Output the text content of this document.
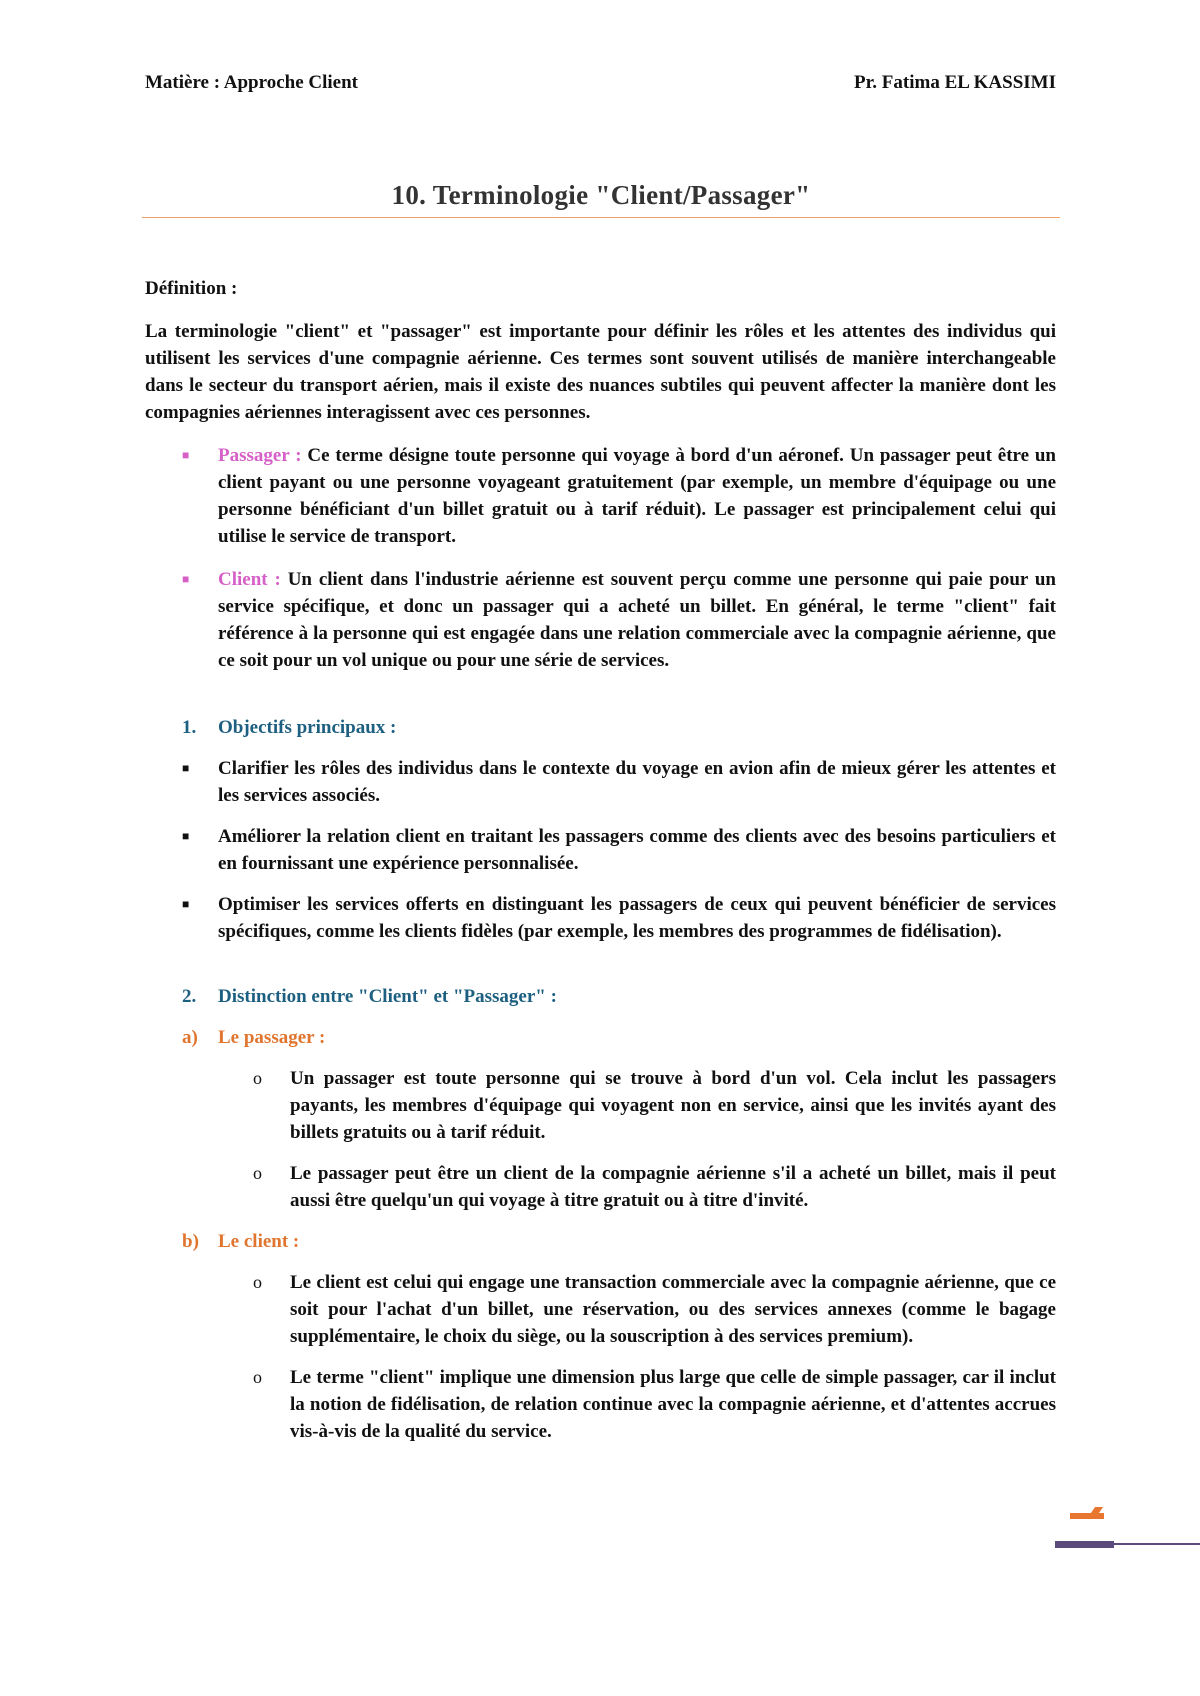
Matière : Approche Client	Pr. Fatima EL KASSIMI
10. Terminologie "Client/Passager"

Définition :

La terminologie "client" et "passager" est importante pour définir les rôles et les attentes des individus qui utilisent les services d'une compagnie aérienne. Ces termes sont souvent utilisés de manière interchangeable dans le secteur du transport aérien, mais il existe des nuances subtiles qui peuvent affecter la manière dont les compagnies aériennes interagissent avec ces personnes.

■ Passager : Ce terme désigne toute personne qui voyage à bord d'un aéronef. Un passager peut être un client payant ou une personne voyageant gratuitement (par exemple, un membre d'équipage ou une personne bénéficiant d'un billet gratuit ou à tarif réduit). Le passager est principalement celui qui utilise le service de transport.

■ Client : Un client dans l'industrie aérienne est souvent perçu comme une personne qui paie pour un service spécifique, et donc un passager qui a acheté un billet. En général, le terme "client" fait référence à la personne qui est engagée dans une relation commerciale avec la compagnie aérienne, que ce soit pour un vol unique ou pour une série de services.

1. Objectifs principaux :

■ Clarifier les rôles des individus dans le contexte du voyage en avion afin de mieux gérer les attentes et les services associés.

■ Améliorer la relation client en traitant les passagers comme des clients avec des besoins particuliers et en fournissant une expérience personnalisée.

■ Optimiser les services offerts en distinguant les passagers de ceux qui peuvent bénéficier de services spécifiques, comme les clients fidèles (par exemple, les membres des programmes de fidélisation).

2. Distinction entre "Client" et "Passager" :

a) Le passager :

o Un passager est toute personne qui se trouve à bord d'un vol. Cela inclut les passagers payants, les membres d'équipage qui voyagent non en service, ainsi que les invités ayant des billets gratuits ou à tarif réduit.

o Le passager peut être un client de la compagnie aérienne s'il a acheté un billet, mais il peut aussi être quelqu'un qui voyage à titre gratuit ou à titre d'invité.

b) Le client :

o Le client est celui qui engage une transaction commerciale avec la compagnie aérienne, que ce soit pour l'achat d'un billet, une réservation, ou des services annexes (comme le bagage supplémentaire, le choix du siège, ou la souscription à des services premium).

o Le terme "client" implique une dimension plus large que celle de simple passager, car il inclut la notion de fidélisation, de relation continue avec la compagnie aérienne, et d'attentes accrues vis-à-vis de la qualité du service.
